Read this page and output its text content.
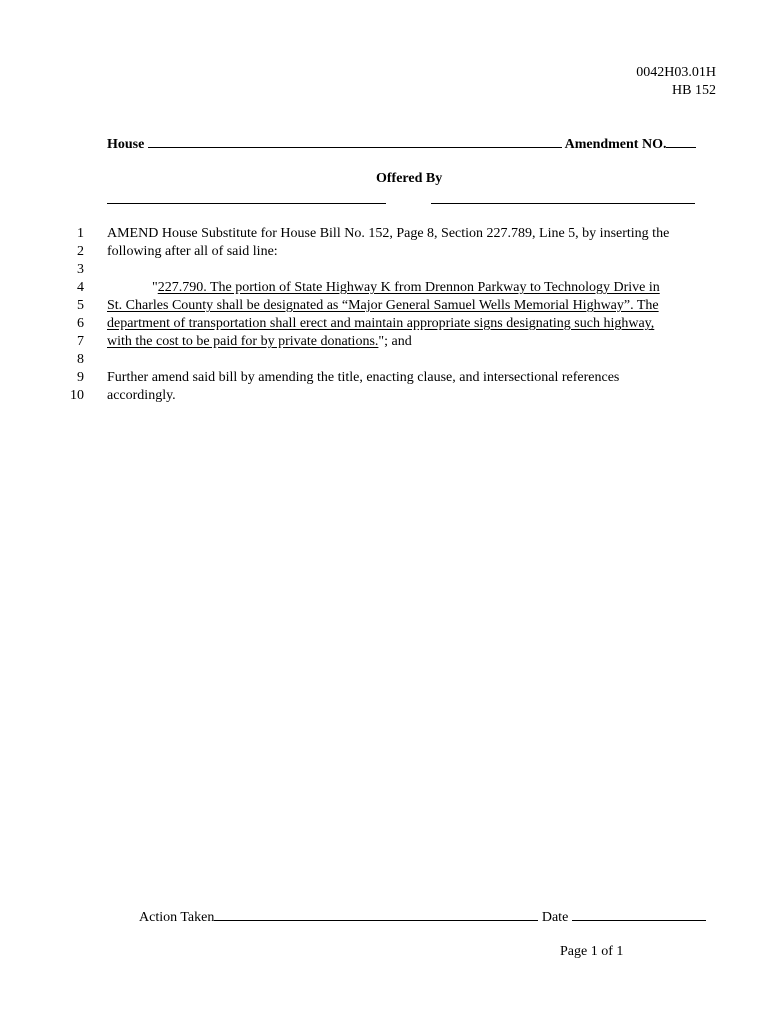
0042H03.01H
HB 152
House	Amendment NO.
Offered By
1 AMEND House Substitute for House Bill No. 152, Page 8, Section 227.789, Line 5, by inserting the
2 following after all of said line:
3
4	"227.790. The portion of State Highway K from Drennon Parkway to Technology Drive in
5 St. Charles County shall be designated as “Major General Samuel Wells Memorial Highway”. The
6 department of transportation shall erect and maintain appropriate signs designating such highway,
7 with the cost to be paid for by private donations."; and
8
9 Further amend said bill by amending the title, enacting clause, and intersectional references
10 accordingly.
Action Taken	Date
Page 1 of 1
